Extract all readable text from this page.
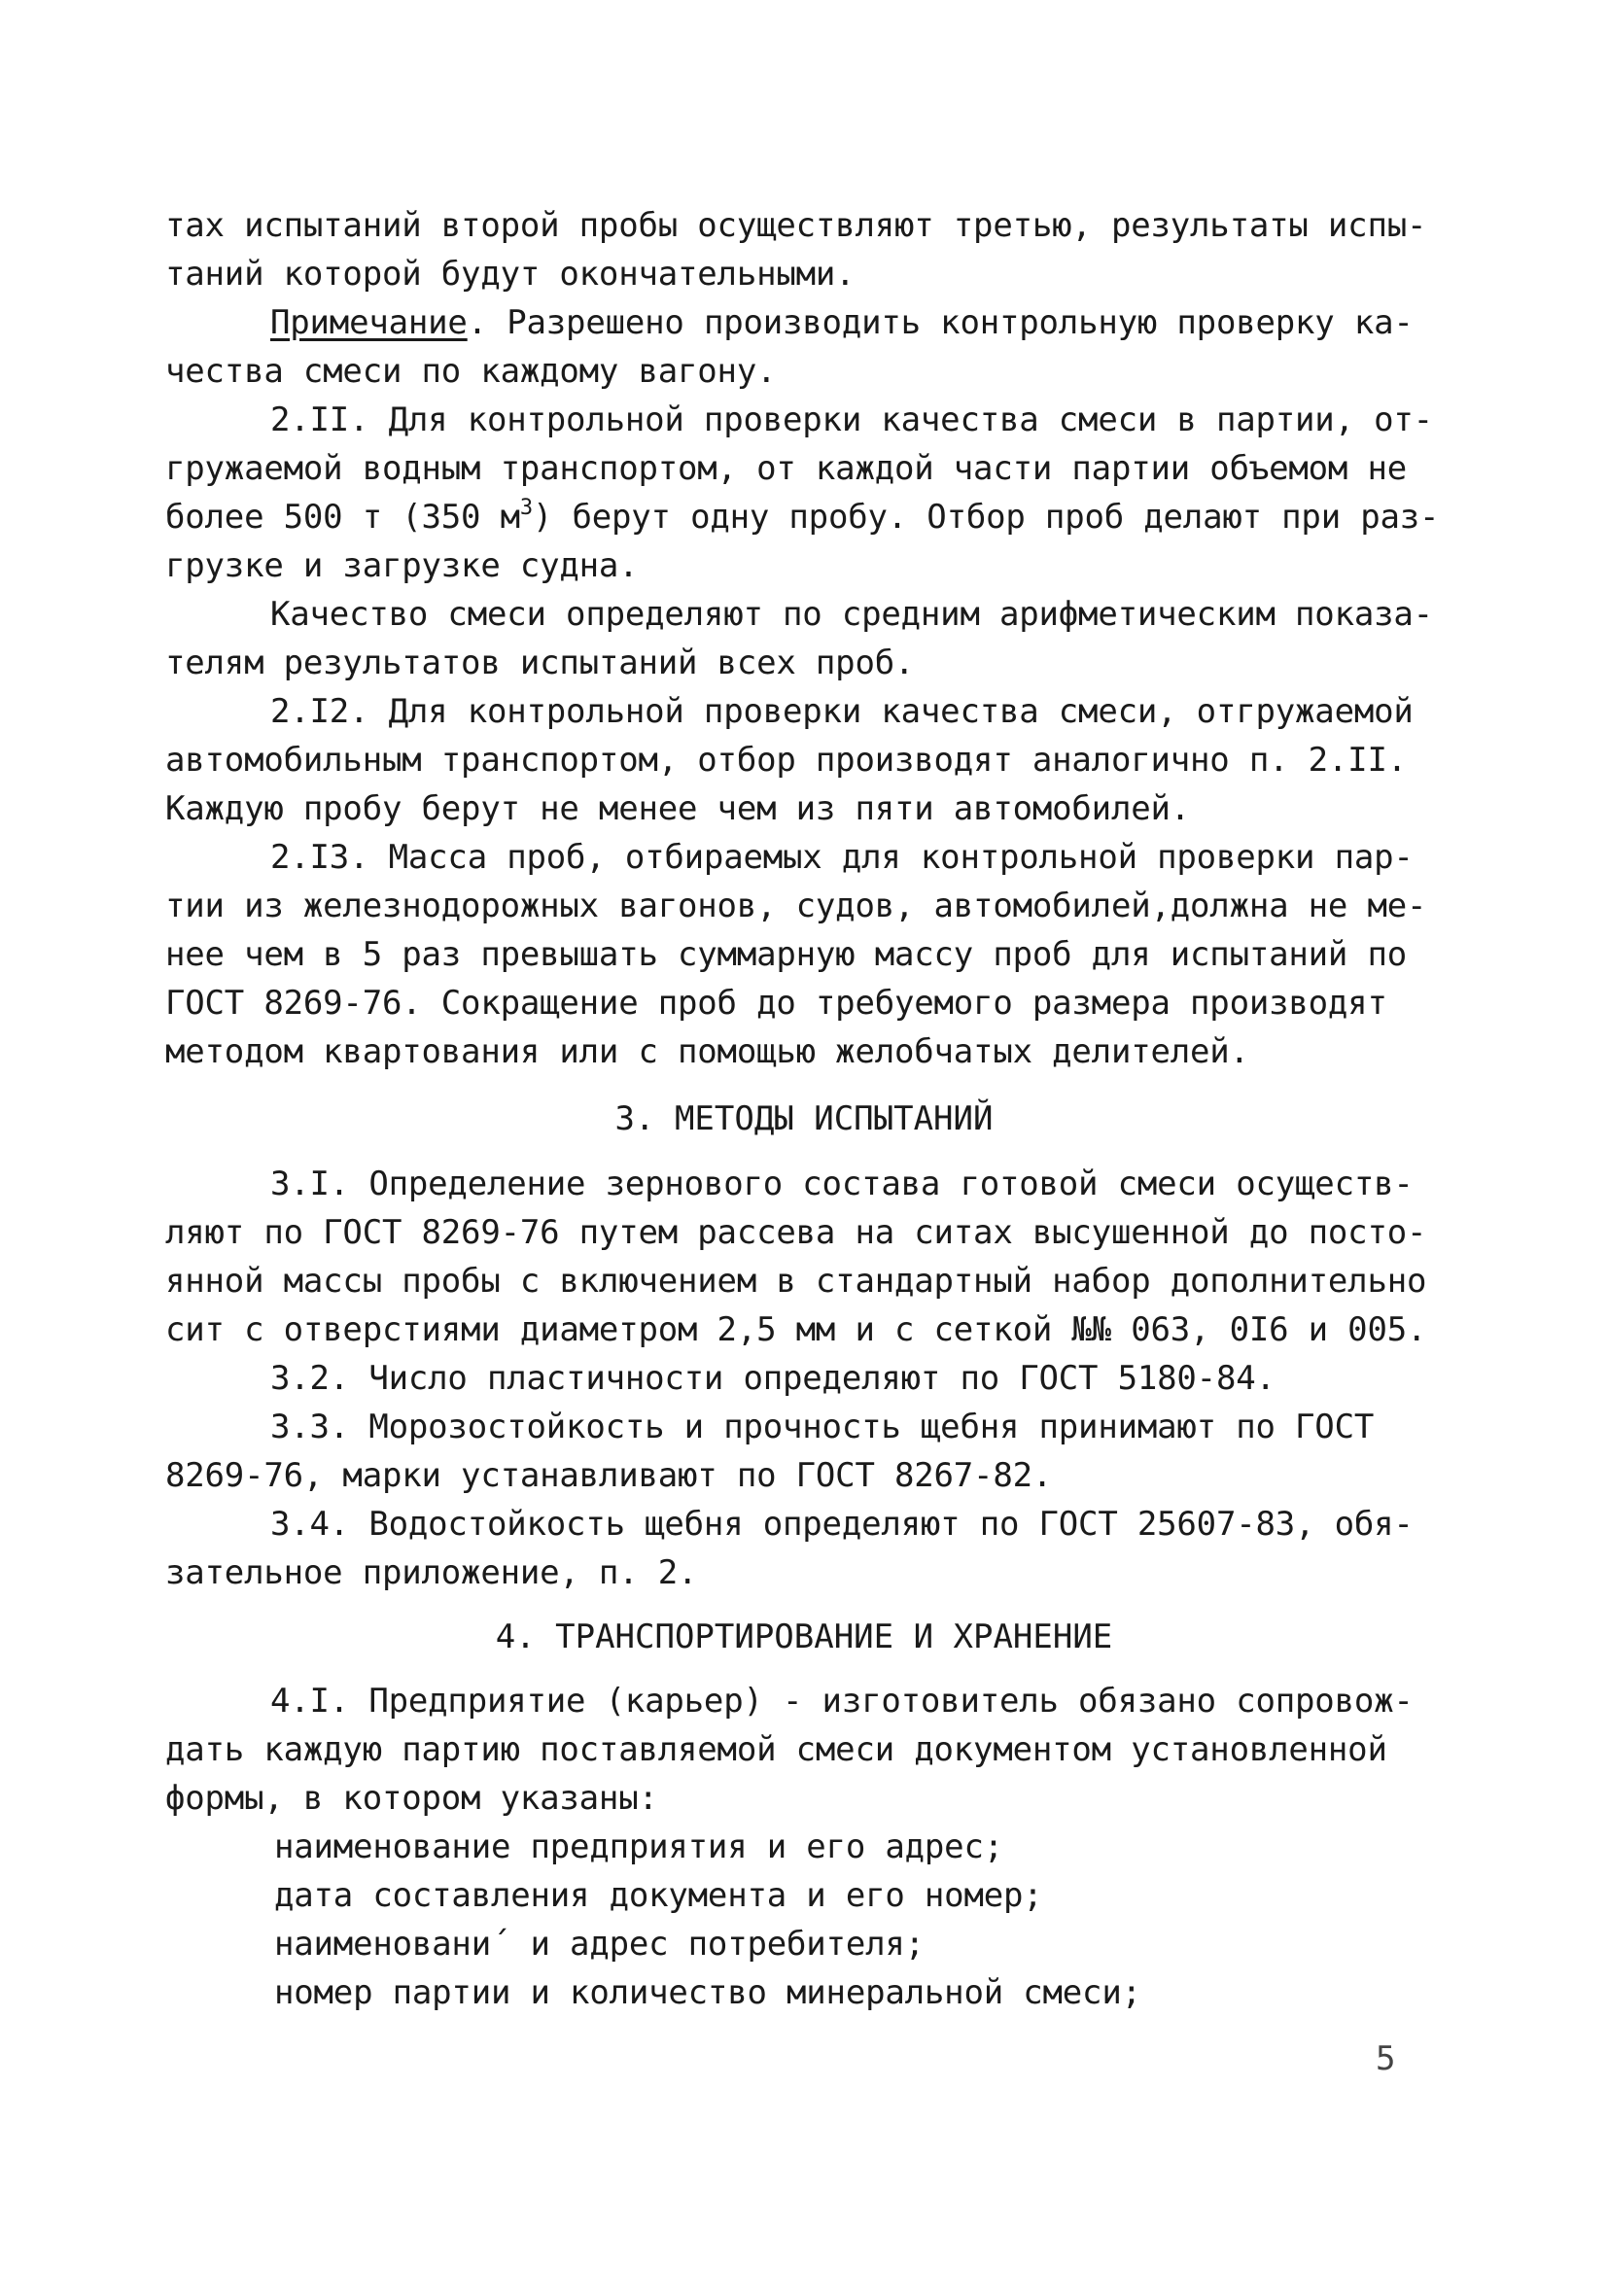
тах испытаний второй пробы осуществляют третью, результаты испы-
таний которой будут окончательными.
Примечание. Разрешено производить контрольную проверку ка-
чества смеси по каждому вагону.
2.II. Для контрольной проверки качества смеси в партии, от-
гружаемой водным транспортом, от каждой части партии объемом не
более 500 т (350 $м^3$) берут одну пробу. Отбор проб делают при раз-
грузке и загрузке судна.
Качество смеси определяют по средним арифметическим показа-
телям результатов испытаний всех проб.
2.I2. Для контрольной проверки качества смеси, отгружаемой
автомобильным транспортом, отбор производят аналогично п. 2.II.
Каждую пробу берут не менее чем из пяти автомобилей.
2.I3. Масса проб, отбираемых для контрольной проверки пар-
тии из железнодорожных вагонов, судов, автомобилей,должна не ме-
нее чем в 5 раз превышать суммарную массу проб для испытаний по
ГОСТ 8269-76. Сокращение проб до требуемого размера производят
методом квартования или с помощью желобчатых делителей.
3. МЕТОДЫ ИСПЫТАНИЙ
3.I. Определение зернового состава готовой смеси осуществ-
ляют по ГОСТ 8269-76 путем рассева на ситах высушенной до посто-
янной массы пробы с включением в стандартный набор дополнительно
сит с отверстиями диаметром 2,5 мм и с сеткой №№ 063, 0I6 и 005.
3.2. Число пластичности определяют по ГОСТ 5180-84.
3.3. Морозостойкость и прочность щебня принимают по ГОСТ
8269-76, марки устанавливают по ГОСТ 8267-82.
3.4. Водостойкость щебня определяют по ГОСТ 25607-83, обя-
зательное приложение, п. 2.
4. ТРАНСПОРТИРОВАНИЕ И ХРАНЕНИЕ
4.I. Предприятие (карьер) - изготовитель обязано сопровож-
дать каждую партию поставляемой смеси документом установленной
формы, в котором указаны:
наименование предприятия и его адрес;
дата составления документа и его номер;
наименовани´ и адрес потребителя;
номер партии и количество минеральной смеси;
5
